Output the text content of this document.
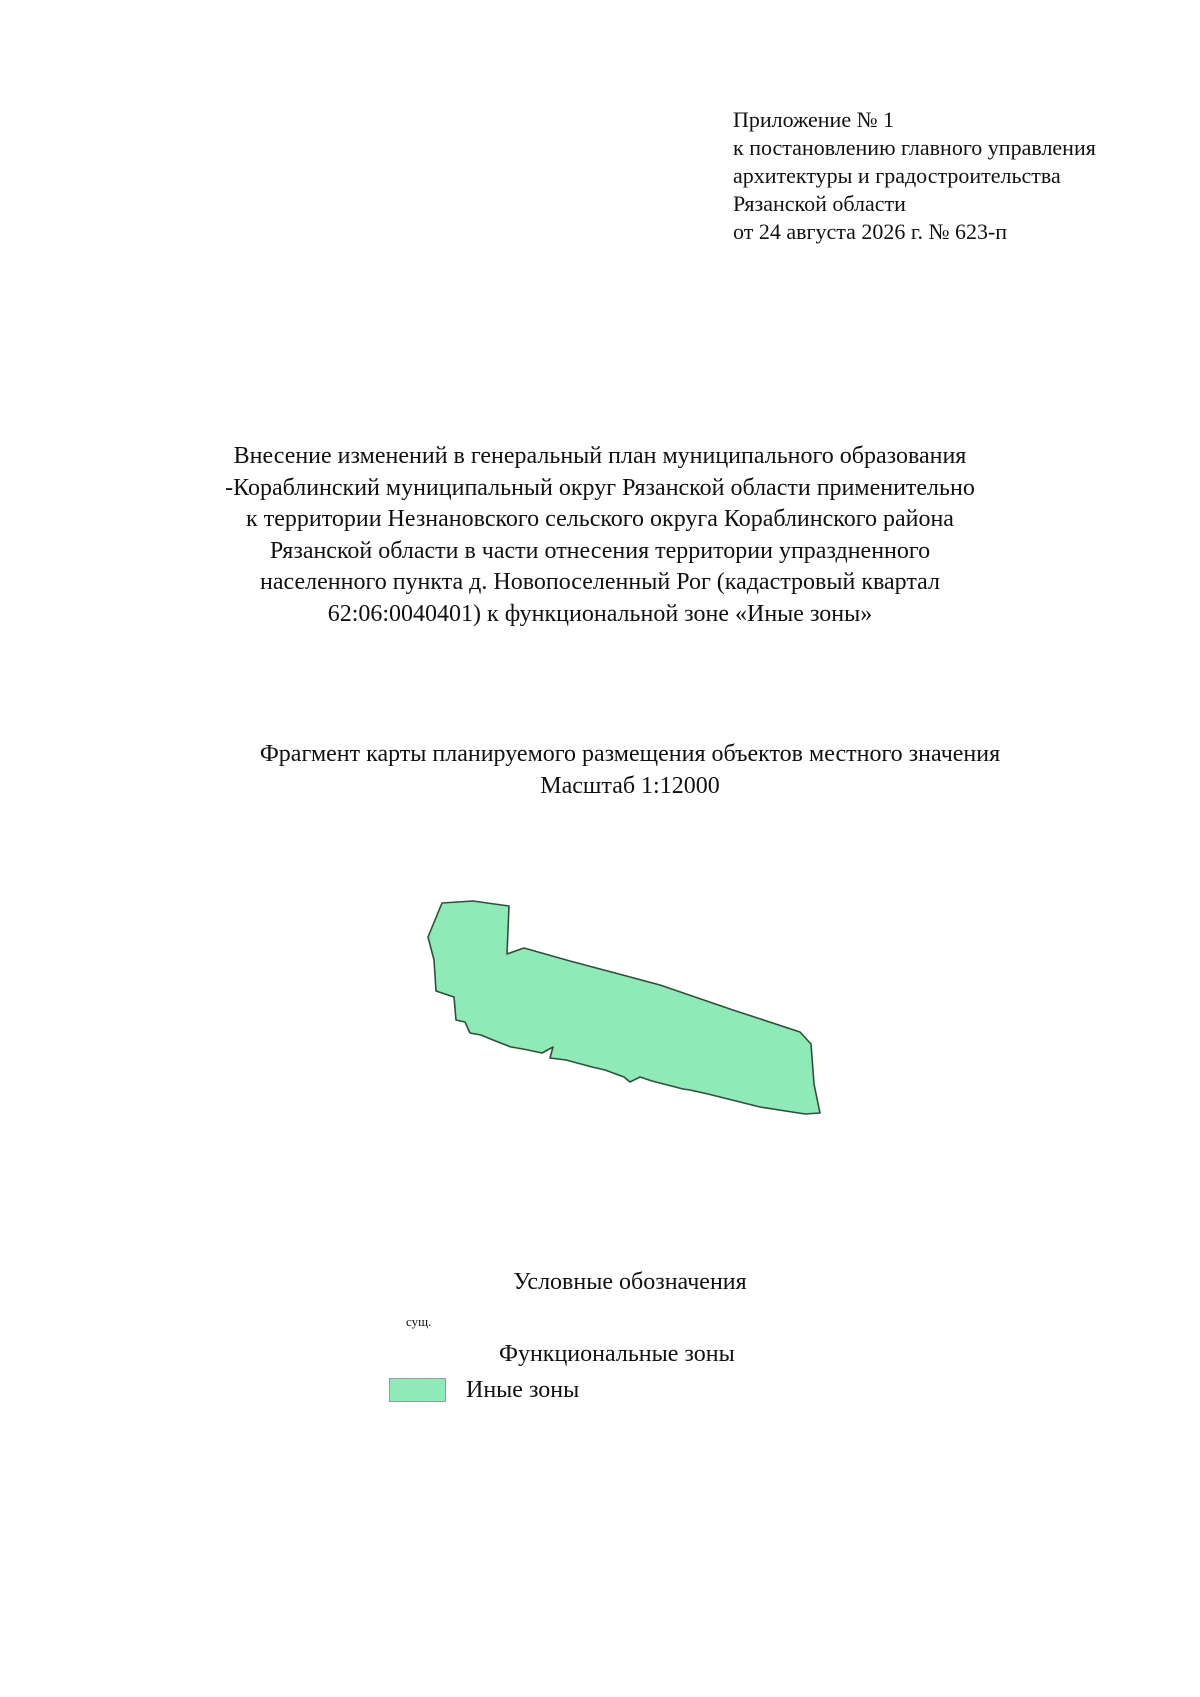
Приложение № 1
к постановлению главного управления
архитектуры и градостроительства
Рязанской области
от 24 августа 2026 г. № 623-п
Внесение изменений в генеральный план муниципального образования
-Кораблинский муниципальный округ Рязанской области применительно
к территории Незнановского сельского округа Кораблинского района
Рязанской области в части отнесения территории упраздненного
населенного пункта д. Новопоселенный Рог (кадастровый квартал
62:06:0040401) к функциональной зоне «Иные зоны»
Фрагмент карты планируемого размещения объектов местного значения
Масштаб 1:12000
Условные обозначения
сущ.
Функциональные зоны
Иные зоны
